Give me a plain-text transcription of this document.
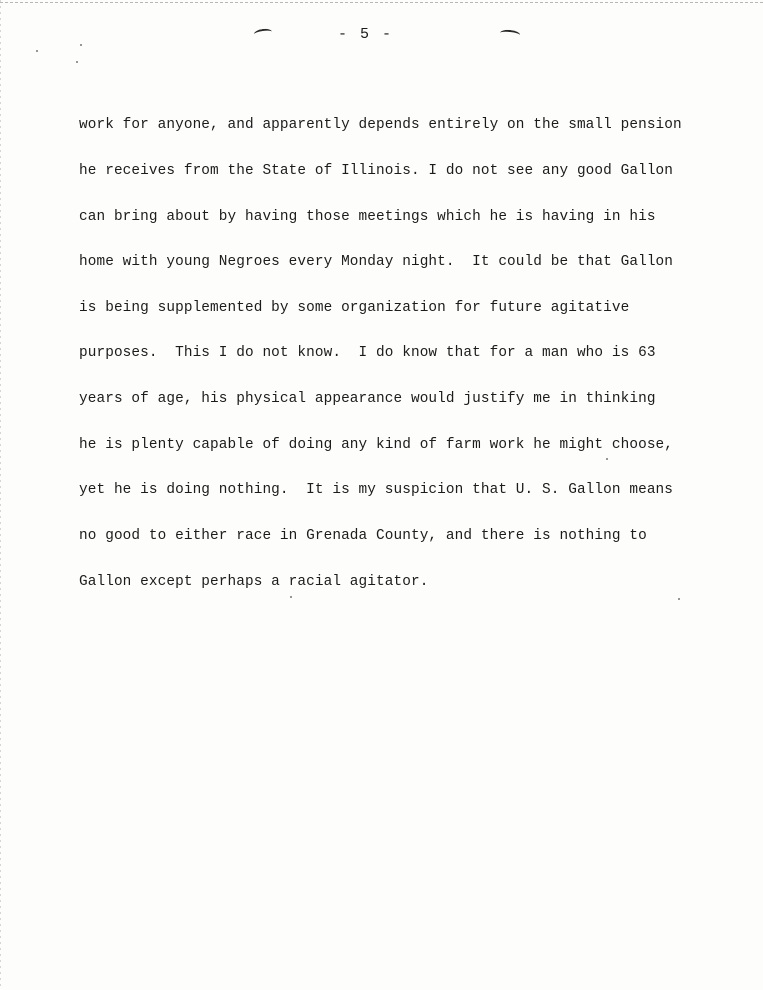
- 5 -

work for anyone, and apparently depends entirely on the small pension

he receives from the State of Illinois. I do not see any good Gallon

can bring about by having those meetings which he is having in his

home with young Negroes every Monday night.  It could be that Gallon

is being supplemented by some organization for future agitative

purposes.  This I do not know.  I do know that for a man who is 63

years of age, his physical appearance would justify me in thinking

he is plenty capable of doing any kind of farm work he might choose,

yet he is doing nothing.  It is my suspicion that U. S. Gallon means

no good to either race in Grenada County, and there is nothing to

Gallon except perhaps a racial agitator.
